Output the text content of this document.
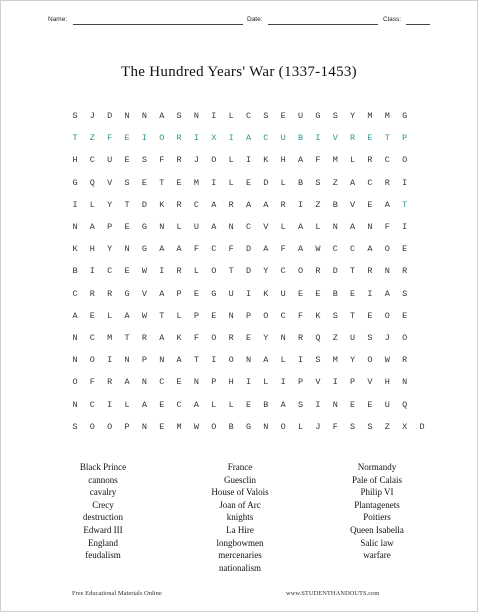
Name:	Date:	Class:
The Hundred Years' War (1337-1453)
S	J	D	N	N	A	S	N	I	L	C	S	E	U	G	S	Y	M	M	G
T	Z	F	E	I	O	R	I	X	I	A	C	U	B	I	V	R	E	T	P
H	C	U	E	S	F	R	J	O	L	I	K	H	A	F	M	L	R	C	O
G	Q	V	S	E	T	E	M	I	L	E	D	L	B	S	Z	A	C	R	I
I	L	Y	T	D	K	R	C	A	R	A	A	R	I	Z	B	V	E	A	T
N	A	P	E	G	N	L	U	A	N	C	V	L	A	L	N	A	N	F	I
K	H	Y	N	G	A	A	F	C	F	D	A	F	A	W	C	C	A	O	E
B	I	C	E	W	I	R	L	O	T	D	Y	C	O	R	D	T	R	N	R
C	R	R	G	V	A	P	E	G	U	I	K	U	E	E	B	E	I	A	S
A	E	L	A	W	T	L	P	E	N	P	O	C	F	K	S	T	E	O	E
N	C	M	T	R	A	K	F	O	R	E	Y	N	R	Q	Z	U	S	J	O
N	O	I	N	P	N	A	T	I	O	N	A	L	I	S	M	Y	O	W	R
O	F	R	A	N	C	E	N	P	H	I	L	I	P	V	I	P	V	H	N
N	C	I	L	A	E	C	A	L	L	E	B	A	S	I	N	E	E	U	Q
S	O	O	P	N	E	M	W	O	B	G	N	O	L	J	F	S	S	Z	X	D
Black Prince
cannons
cavalry
Crecy
destruction
Edward III
England
feudalism
France
Guesclin
House of Valois
Joan of Arc
knights
La Hire
longbowmen
mercenaries
nationalism
Normandy
Pale of Calais
Philip VI
Plantagenets
Poitiers
Queen Isabella
Salic law
warfare
Free Educational Materials Online	www.STUDENTHANDOUTS.com
